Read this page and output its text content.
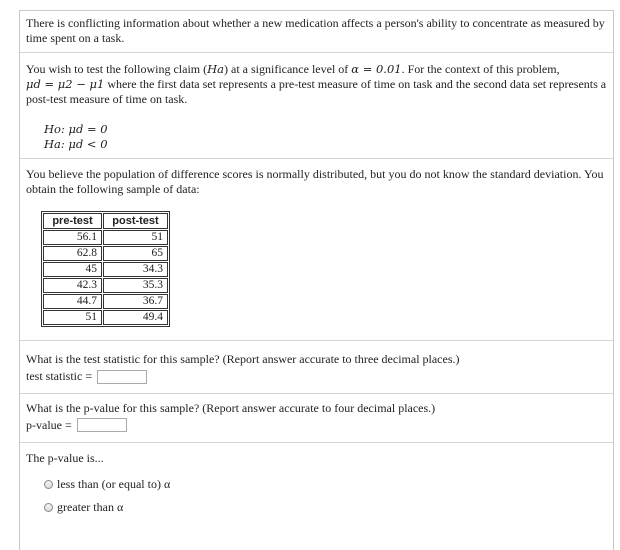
There is conflicting information about whether a new medication affects a person's ability to concentrate as measured by time spent on a task.

You wish to test the following claim (Ha) at a significance level of α = 0.01. For the context of this problem,
μd = μ2 − μ1 where the first data set represents a pre-test measure of time on task and the second data set represents a post-test measure of time on task.

Ho: μd = 0
Ha: μd < 0

You believe the population of difference scores is normally distributed, but you do not know the standard deviation. You obtain the following sample of data:

pre-test	post-test
56.1	51
62.8	65
45	34.3
42.3	35.3
44.7	36.7
51	49.4
What is the test statistic for this sample? (Report answer accurate to three decimal places.)
test statistic =
What is the p-value for this sample? (Report answer accurate to four decimal places.)
p-value =
The p-value is...
less than (or equal to) α
greater than α
